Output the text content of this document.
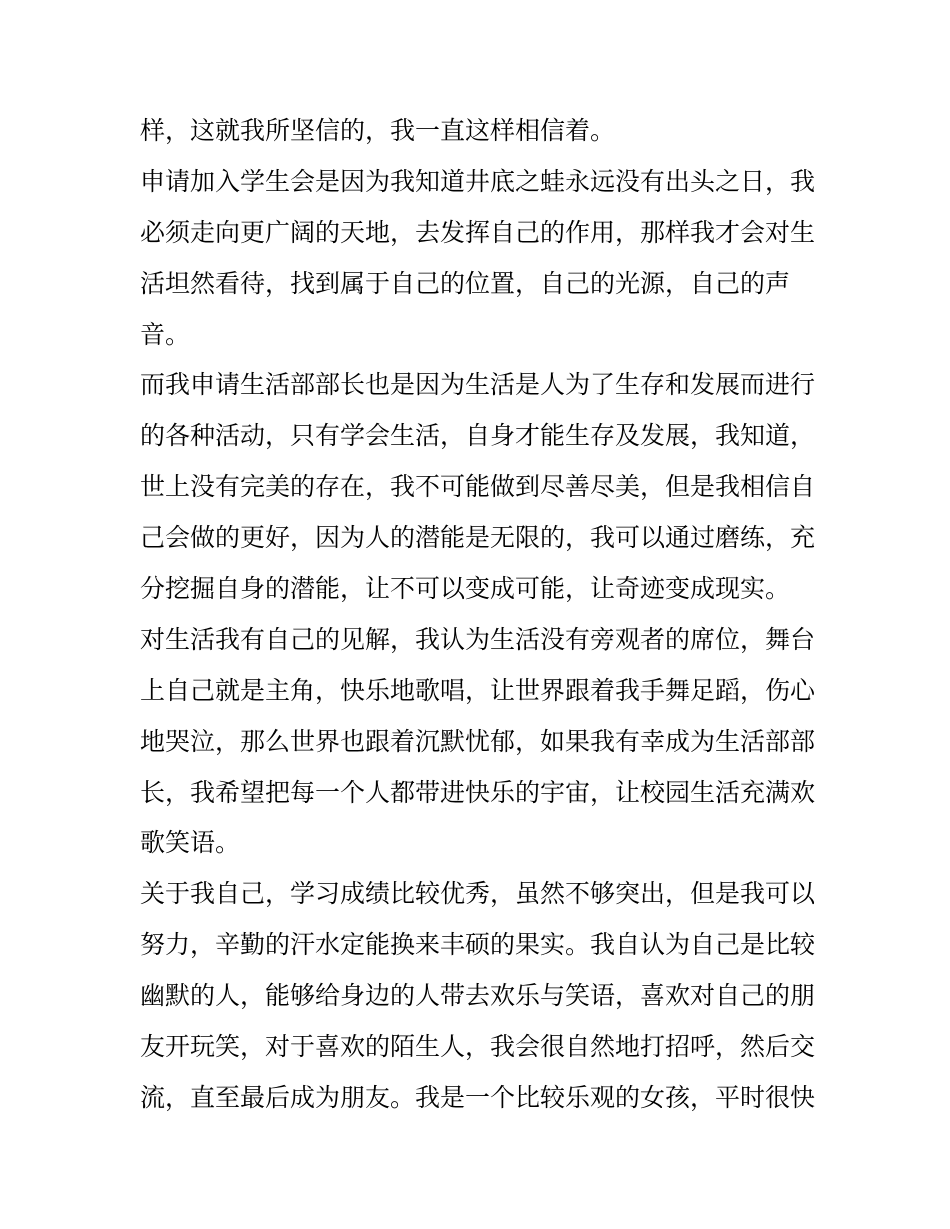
样，这就我所坚信的，我一直这样相信着。
申请加入学生会是因为我知道井底之蛙永远没有出头之日，我
必须走向更广阔的天地，去发挥自己的作用，那样我才会对生
活坦然看待，找到属于自己的位置，自己的光源，自己的声
音。
而我申请生活部部长也是因为生活是人为了生存和发展而进行
的各种活动，只有学会生活，自身才能生存及发展，我知道，
世上没有完美的存在，我不可能做到尽善尽美，但是我相信自
己会做的更好，因为人的潜能是无限的，我可以通过磨练，充
分挖掘自身的潜能，让不可以变成可能，让奇迹变成现实。
对生活我有自己的见解，我认为生活没有旁观者的席位，舞台
上自己就是主角，快乐地歌唱，让世界跟着我手舞足蹈，伤心
地哭泣，那么世界也跟着沉默忧郁，如果我有幸成为生活部部
长，我希望把每一个人都带进快乐的宇宙，让校园生活充满欢
歌笑语。
关于我自己，学习成绩比较优秀，虽然不够突出，但是我可以
努力，辛勤的汗水定能换来丰硕的果实。我自认为自己是比较
幽默的人，能够给身边的人带去欢乐与笑语，喜欢对自己的朋
友开玩笑，对于喜欢的陌生人，我会很自然地打招呼，然后交
流，直至最后成为朋友。我是一个比较乐观的女孩，平时很快
